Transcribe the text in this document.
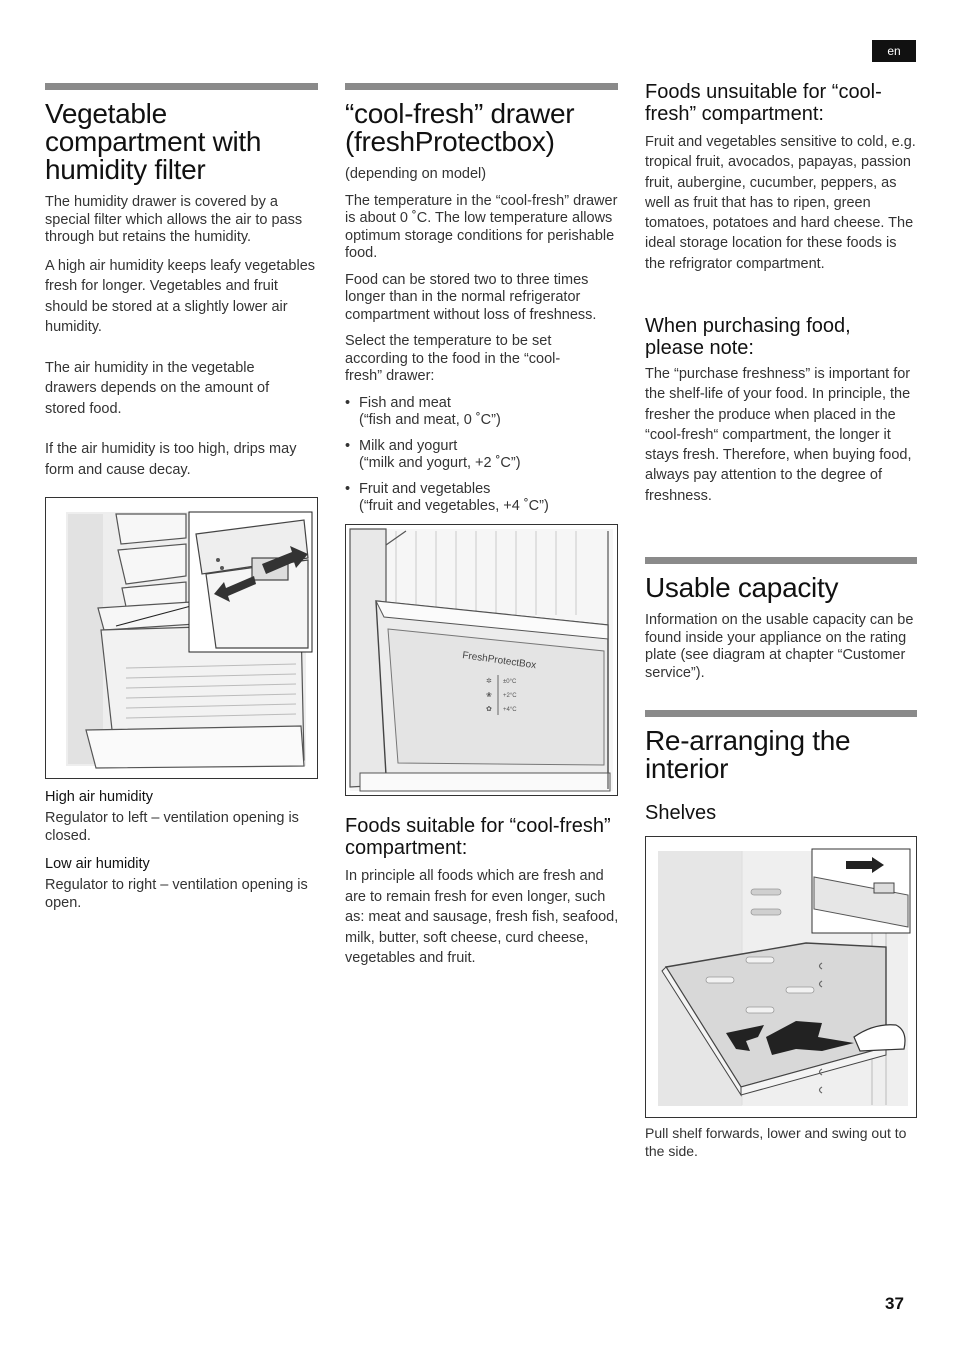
en
Vegetable compartment with humidity filter

The humidity drawer is covered by a special filter which allows the air to pass through but retains the humidity.

A high air humidity keeps leafy vegetables fresh for longer. Vegetables and fruit should be stored at a slightly lower air humidity.

The air humidity in the vegetable drawers depends on the amount of stored food.

If the air humidity is too high, drips may form and cause decay.

High air humidity
Regulator to left – ventilation opening is closed.
Low air humidity
Regulator to right – ventilation opening is open.
“cool-fresh” drawer (freshProtectbox)

(depending on model)

The temperature in the “cool-fresh” drawer is about 0 ˚C. The low temperature allows optimum storage conditions for perishable food.

Food can be stored two to three times longer than in the normal refrigerator compartment without loss of freshness.

Select the temperature to be set according to the food in the “cool-fresh” drawer:

• Fish and meat
(“fish and meat, 0 ˚C”)
• Milk and yogurt
(“milk and yogurt, +2 ˚C”)
• Fruit and vegetables
(“fruit and vegetables, +4 ˚C”)
FreshProtectBox
✲
❀
✿
±0°C
+2°C
+4°C
Foods suitable for “cool-fresh” compartment:
In principle all foods which are fresh and are to remain fresh for even longer, such as: meat and sausage, fresh fish, seafood, milk, butter, soft cheese, curd cheese, vegetables and fruit.
Foods unsuitable for “cool-fresh” compartment:
Fruit and vegetables sensitive to cold, e.g. tropical fruit, avocados, papayas, passion fruit, aubergine, cucumber, peppers, as well as fruit that has to ripen, green tomatoes, potatoes and hard cheese. The ideal storage location for these foods is the refrigrator compartment.
When purchasing food, please note:
The “purchase freshness” is important for the shelf-life of your food. In principle, the fresher the produce when placed in the “cool-fresh“ compartment, the longer it stays fresh. Therefore, when buying food, always pay attention to the degree of freshness.
Usable capacity
Information on the usable capacity can be found inside your appliance on the rating plate (see diagram at chapter “Customer service”).
Re-arranging the interior
Shelves
Pull shelf forwards, lower and swing out to the side.
37
